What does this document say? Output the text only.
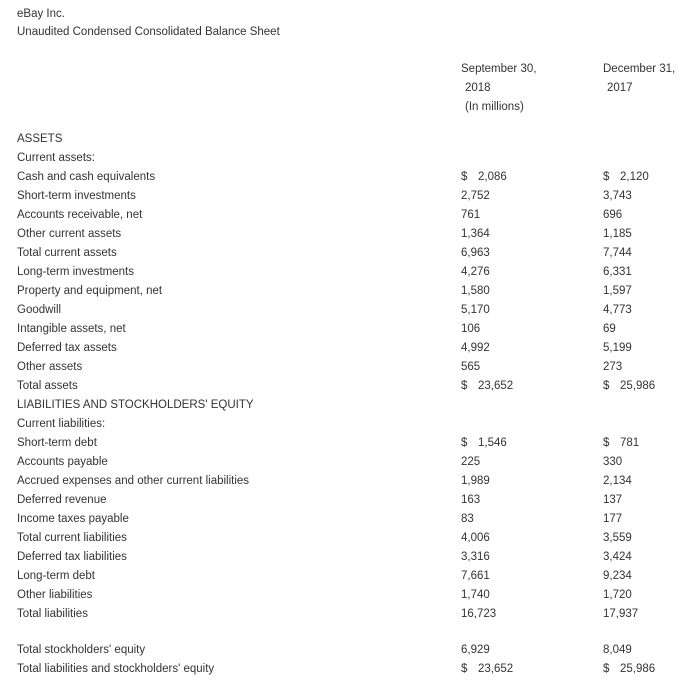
eBay Inc.
Unaudited Condensed Consolidated Balance Sheet
September 30,
2018
(In millions)
December 31,
2017
ASSETS
Current assets:
Cash and cash equivalents	$ 2,086	$ 2,120
Short-term investments	2,752	3,743
Accounts receivable, net	761	696
Other current assets	1,364	1,185
Total current assets	6,963	7,744
Long-term investments	4,276	6,331
Property and equipment, net	1,580	1,597
Goodwill	5,170	4,773
Intangible assets, net	106	69
Deferred tax assets	4,992	5,199
Other assets	565	273
Total assets	$ 23,652	$ 25,986
LIABILITIES AND STOCKHOLDERS' EQUITY
Current liabilities:
Short-term debt	$ 1,546	$ 781
Accounts payable	225	330
Accrued expenses and other current liabilities	1,989	2,134
Deferred revenue	163	137
Income taxes payable	83	177
Total current liabilities	4,006	3,559
Deferred tax liabilities	3,316	3,424
Long-term debt	7,661	9,234
Other liabilities	1,740	1,720
Total liabilities	16,723	17,937
Total stockholders' equity	6,929	8,049
Total liabilities and stockholders' equity	$ 23,652	$ 25,986
